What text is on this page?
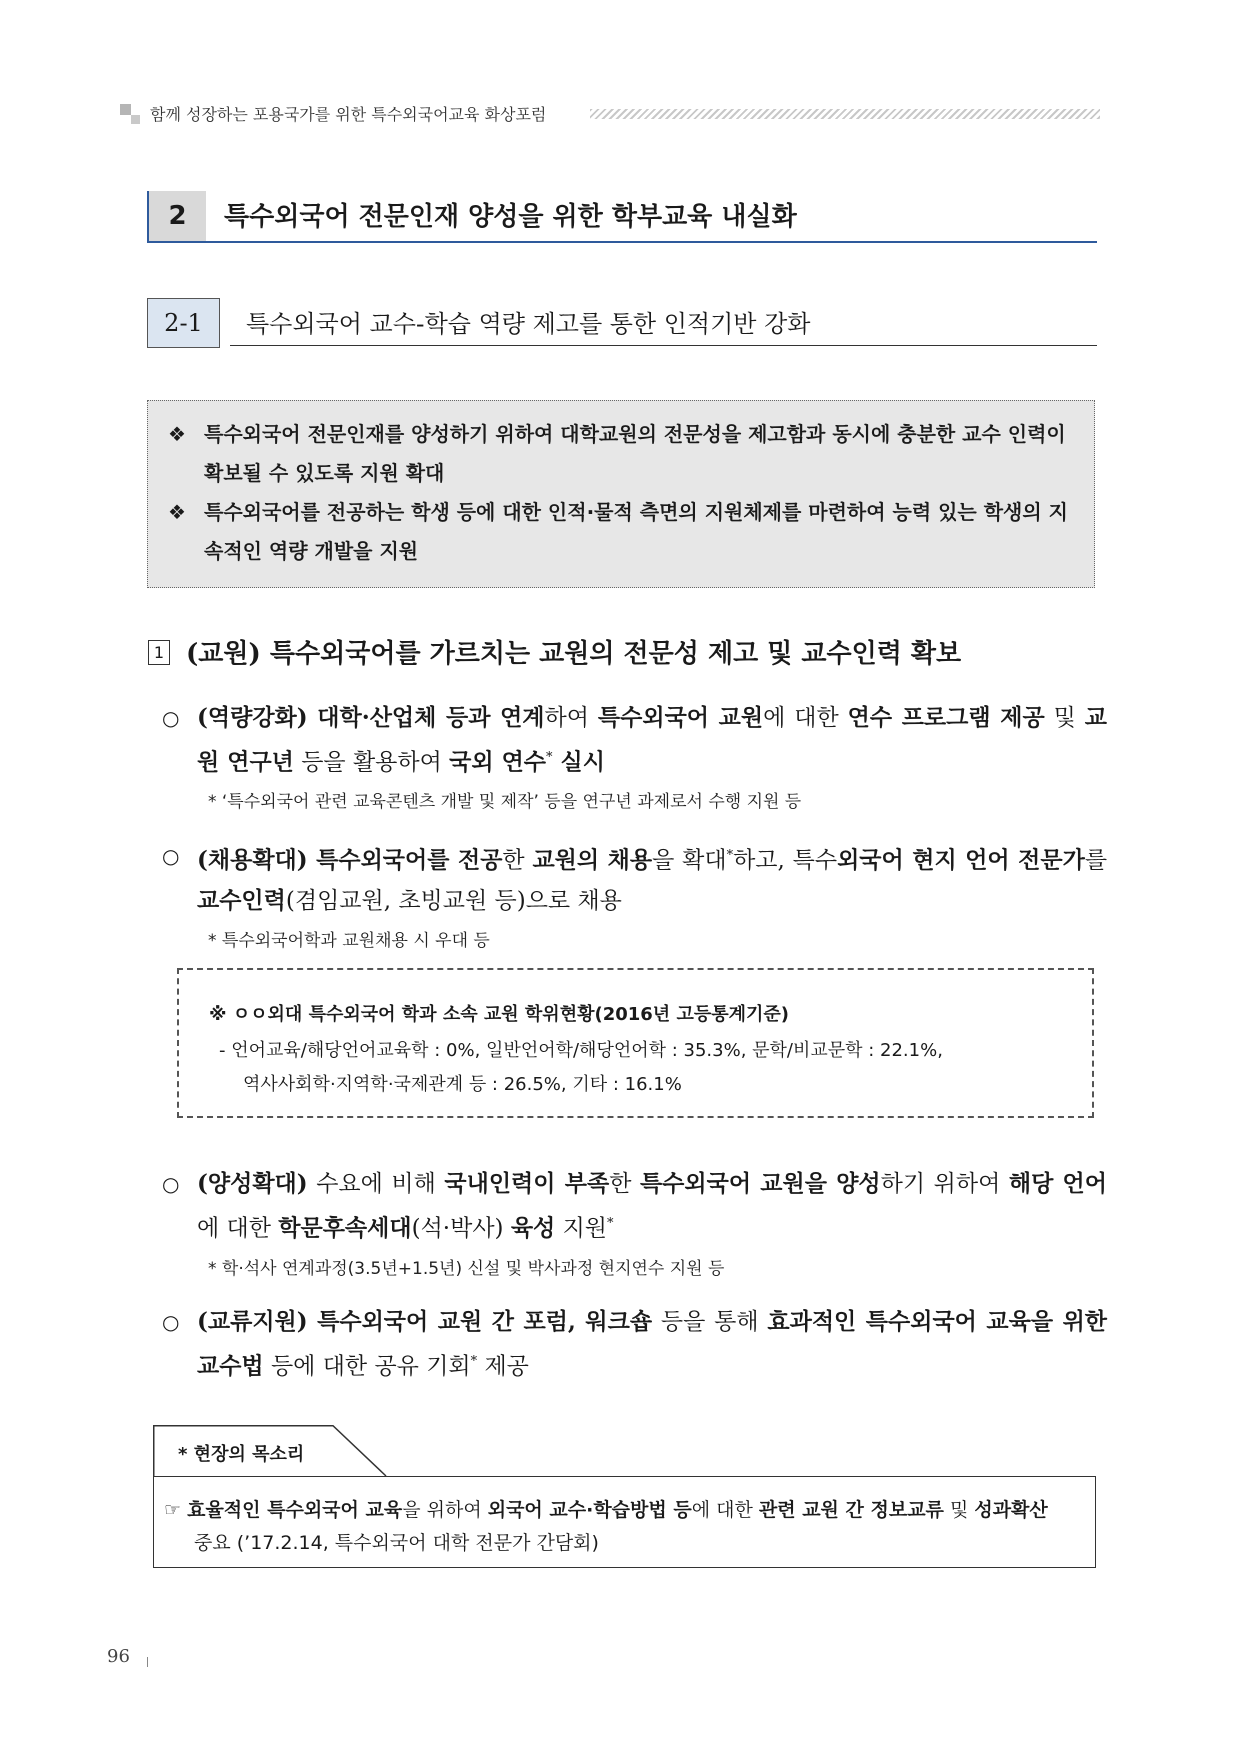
함께 성장하는 포용국가를 위한 특수외국어교육 화상포럼
2	특수외국어 전문인재 양성을 위한 학부교육 내실화
2-1	특수외국어 교수-학습 역량 제고를 통한 인적기반 강화
❖ 특수외국어 전문인재를 양성하기 위하여 대학교원의 전문성을 제고함과 동시에 충분한 교수 인력이 확보될 수 있도록 지원 확대
❖ 특수외국어를 전공하는 학생 등에 대한 인적·물적 측면의 지원체제를 마련하여 능력 있는 학생의 지속적인 역량 개발을 지원
1 (교원) 특수외국어를 가르치는 교원의 전문성 제고 및 교수인력 확보
○ (역량강화) 대학·산업체 등과 연계하여 특수외국어 교원에 대한 연수 프로그램 제공 및 교원 연구년 등을 활용하여 국외 연수* 실시
* ‘특수외국어 관련 교육콘텐츠 개발 및 제작’ 등을 연구년 과제로서 수행 지원 등
○ (채용확대) 특수외국어를 전공한 교원의 채용을 확대*하고, 특수외국어 현지 언어 전문가를 교수인력(겸임교원, 초빙교원 등)으로 채용
* 특수외국어학과 교원채용 시 우대 등
※ ㅇㅇ외대 특수외국어 학과 소속 교원 학위현황(2016년 고등통계기준)
- 언어교육/해당언어교육학 : 0%, 일반언어학/해당언어학 : 35.3%, 문학/비교문학 : 22.1%,
역사사회학·지역학·국제관계 등 : 26.5%, 기타 : 16.1%
○ (양성확대) 수요에 비해 국내인력이 부족한 특수외국어 교원을 양성하기 위하여 해당 언어에 대한 학문후속세대(석·박사) 육성 지원*
* 학·석사 연계과정(3.5년+1.5년) 신설 및 박사과정 현지연수 지원 등
○ (교류지원) 특수외국어 교원 간 포럼, 워크숍 등을 통해 효과적인 특수외국어 교육을 위한 교수법 등에 대한 공유 기회* 제공
* 현장의 목소리
☞ 효율적인 특수외국어 교육을 위하여 외국어 교수·학습방법 등에 대한 관련 교원 간 정보교류 및 성과확산
중요 (’17.2.14, 특수외국어 대학 전문가 간담회)
96
